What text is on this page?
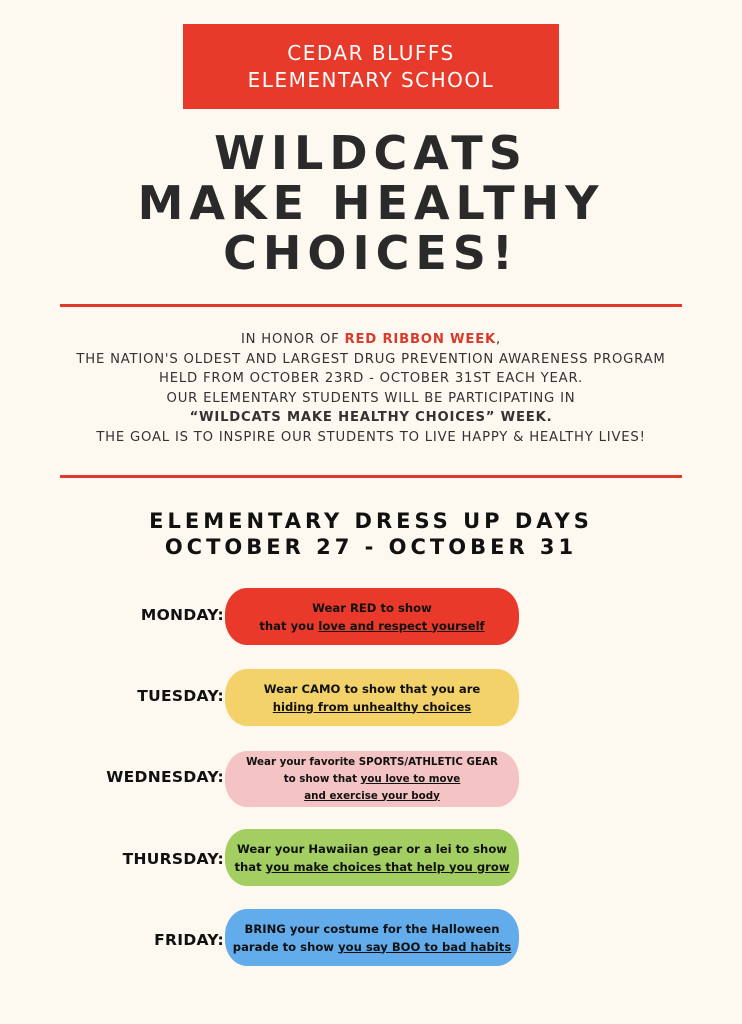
CEDAR BLUFFS
ELEMENTARY SCHOOL
WILDCATS
MAKE HEALTHY
CHOICES!
IN HONOR OF RED RIBBON WEEK,
THE NATION'S OLDEST AND LARGEST DRUG PREVENTION AWARENESS PROGRAM
HELD FROM OCTOBER 23RD - OCTOBER 31ST EACH YEAR.
OUR ELEMENTARY STUDENTS WILL BE PARTICIPATING IN
“WILDCATS MAKE HEALTHY CHOICES” WEEK.
THE GOAL IS TO INSPIRE OUR STUDENTS TO LIVE HAPPY & HEALTHY LIVES!
ELEMENTARY DRESS UP DAYS
OCTOBER 27 - OCTOBER 31
MONDAY:	Wear RED to show
that you love and respect yourself
TUESDAY:	Wear CAMO to show that you are
hiding from unhealthy choices
WEDNESDAY:
Wear your favorite SPORTS/ATHLETIC GEAR
to show that you love to move
and exercise your body
THURSDAY:
Wear your Hawaiian gear or a lei to show
that you make choices that help you grow
FRIDAY:
BRING your costume for the Halloween
parade to show you say BOO to bad habits
